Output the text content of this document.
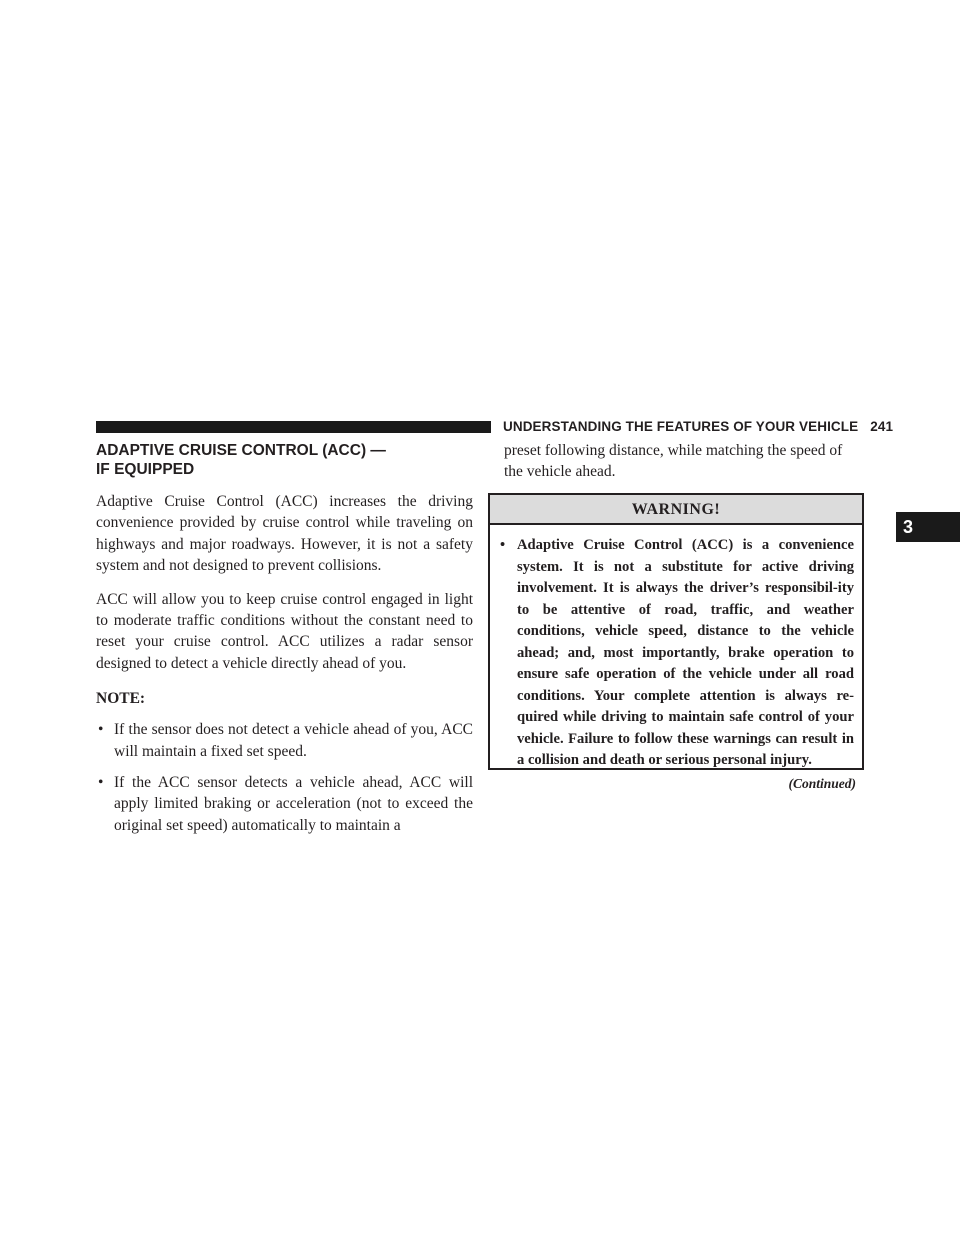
UNDERSTANDING THE FEATURES OF YOUR VEHICLE 241
3
ADAPTIVE CRUISE CONTROL (ACC) —
IF EQUIPPED

Adaptive Cruise Control (ACC) increases the driving convenience provided by cruise control while traveling on highways and major roadways. However, it is not a safety system and not designed to prevent collisions.

ACC will allow you to keep cruise control engaged in light to moderate traffic conditions without the constant need to reset your cruise control. ACC utilizes a radar sensor designed to detect a vehicle directly ahead of you.

NOTE:
• If the sensor does not detect a vehicle ahead of you, ACC will maintain a fixed set speed.
• If the ACC sensor detects a vehicle ahead, ACC will apply limited braking or acceleration (not to exceed the original set speed) automatically to maintain a

preset following distance, while matching the speed of the vehicle ahead.

WARNING!
• Adaptive Cruise Control (ACC) is a convenience system. It is not a substitute for active driving involvement. It is always the driver’s responsibil-ity to be attentive of road, traffic, and weather conditions, vehicle speed, distance to the vehicle ahead; and, most importantly, brake operation to ensure safe operation of the vehicle under all road conditions. Your complete attention is always re-quired while driving to maintain safe control of your vehicle. Failure to follow these warnings can result in a collision and death or serious personal injury.
(Continued)
